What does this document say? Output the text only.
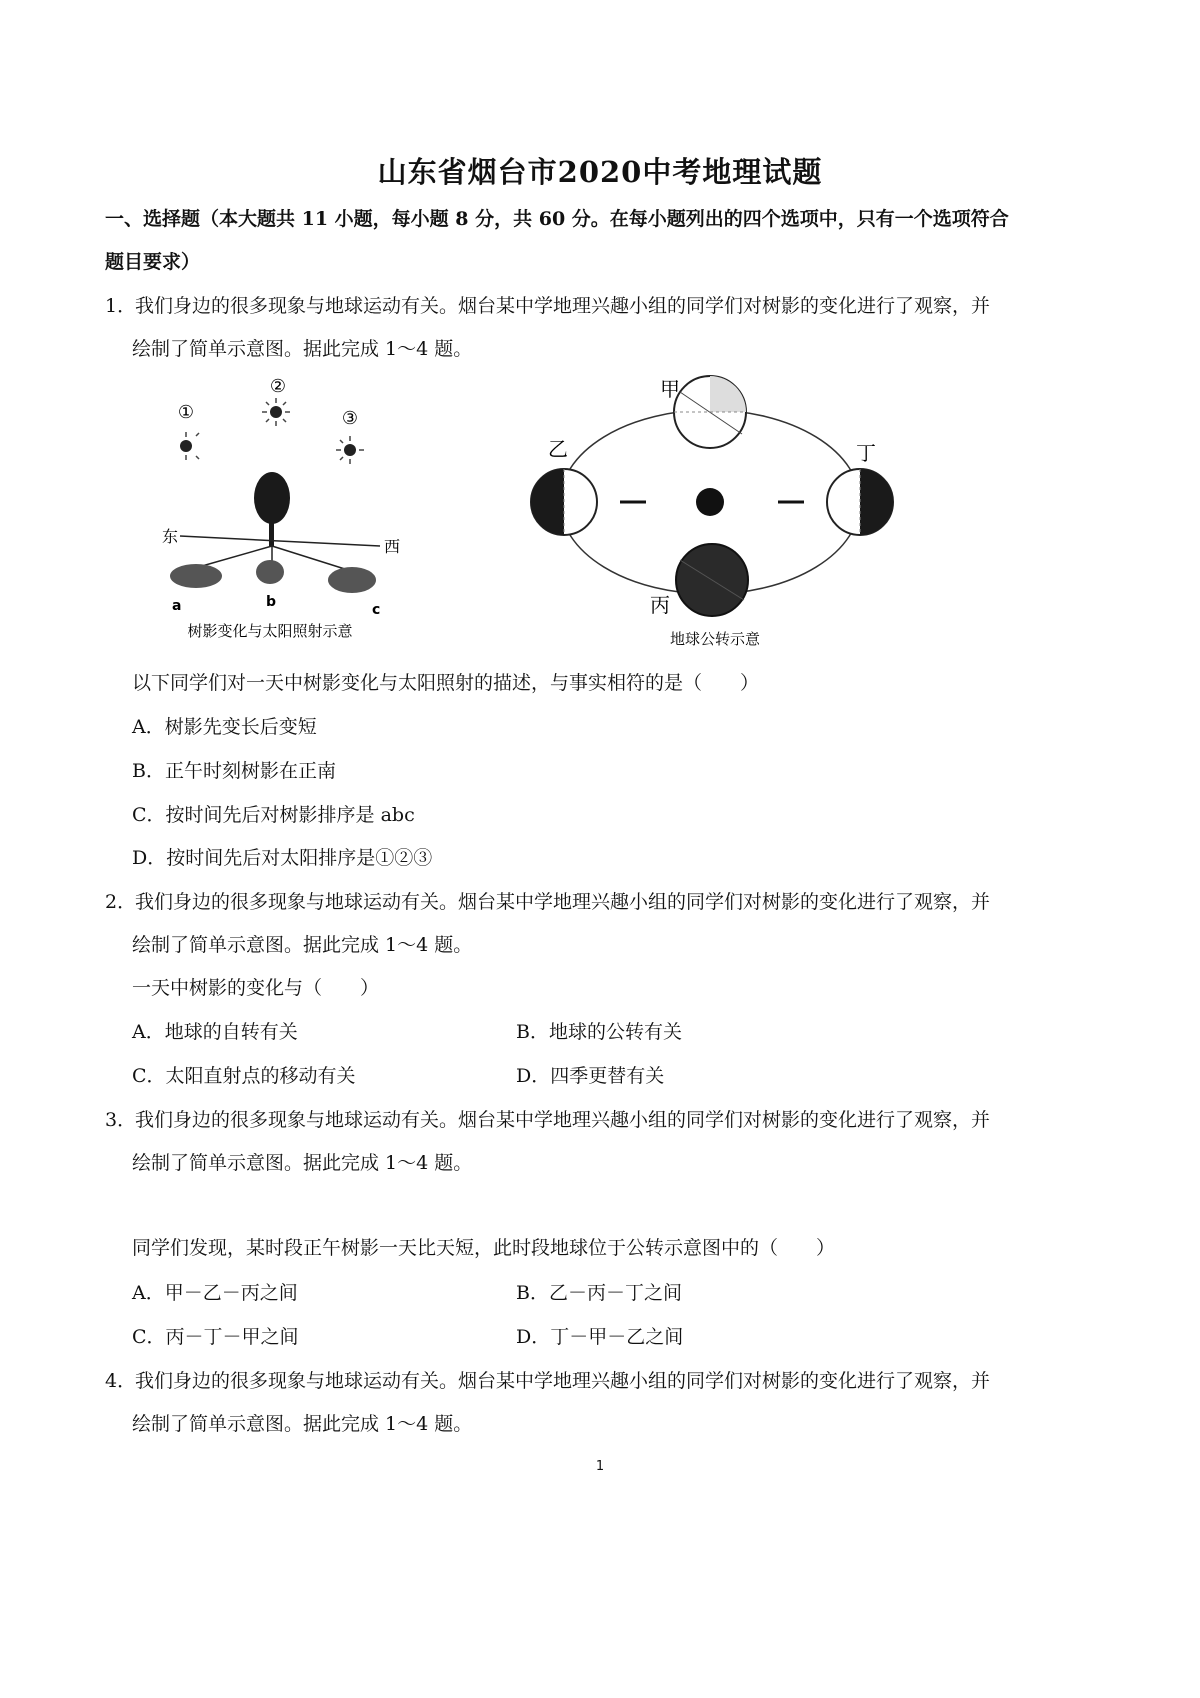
山东省烟台市2020中考地理试题
一、选择题（本大题共 11 小题，每小题 8 分，共 60 分。在每小题列出的四个选项中，只有一个选项符合
题目要求）
1．
我们身边的很多现象与地球运动有关。烟台某中学地理兴趣小组的同学们对树影的变化进行了观察，并
绘制了简单示意图。据此完成 1～4 题。
②
①	③
东
西
a	b	c
树影变化与太阳照射示意
甲
乙	丁
丙
地球公转示意
以下同学们对一天中树影变化与太阳照射的描述，与事实相符的是（　　）
A．树影先变长后变短
B．正午时刻树影在正南
C．按时间先后对树影排序是 abc
D．按时间先后对太阳排序是①②③
2．
我们身边的很多现象与地球运动有关。烟台某中学地理兴趣小组的同学们对树影的变化进行了观察，并
绘制了简单示意图。据此完成 1～4 题。
一天中树影的变化与（　　）
A．地球的自转有关	B．地球的公转有关
C．太阳直射点的移动有关	D．四季更替有关
3．
我们身边的很多现象与地球运动有关。烟台某中学地理兴趣小组的同学们对树影的变化进行了观察，并
绘制了简单示意图。据此完成 1～4 题。
同学们发现，某时段正午树影一天比天短，此时段地球位于公转示意图中的（　　）
A．甲－乙－丙之间	B．乙－丙－丁之间
C．丙－丁－甲之间	D．丁－甲－乙之间
4．
我们身边的很多现象与地球运动有关。烟台某中学地理兴趣小组的同学们对树影的变化进行了观察，并
绘制了简单示意图。据此完成 1～4 题。
1
